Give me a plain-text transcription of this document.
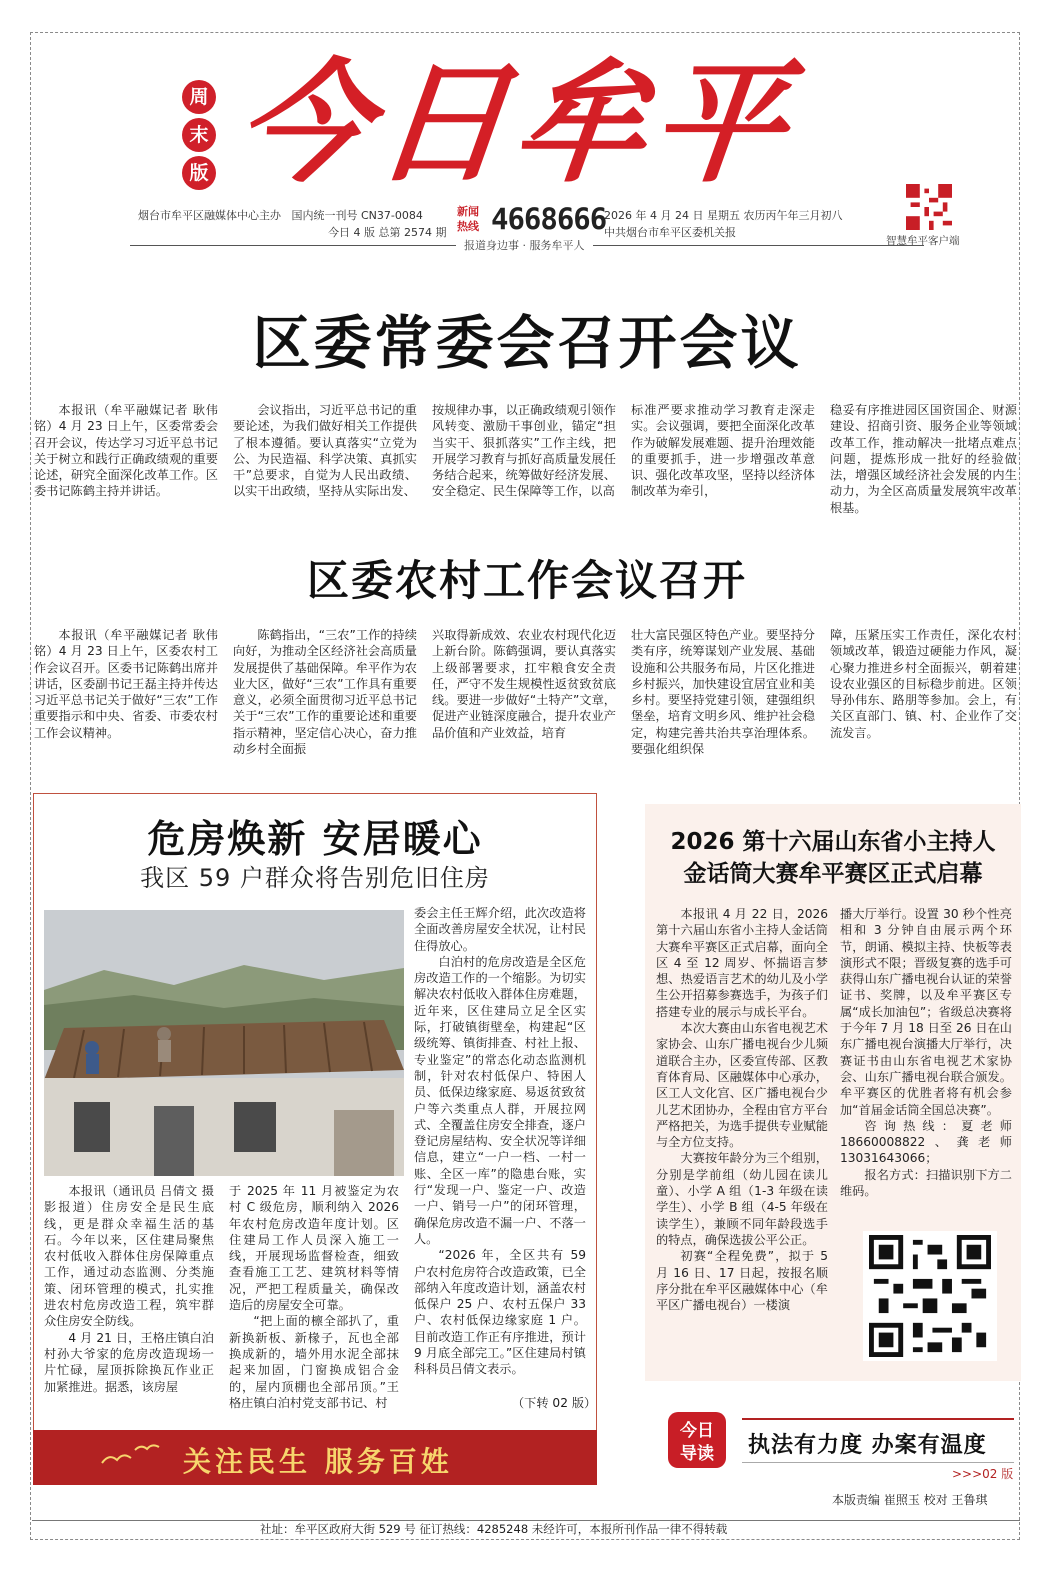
周
末
版 今日牟平
烟台市牟平区融媒体中心主办 国内统一刊号 CN37-0084
今日 4 版 总第 2574 期
新闻热线 4668666
2026 年 4 月 24 日 星期五 农历丙午年三月初八
中共烟台市牟平区委机关报
智慧牟平客户端
报道身边事 · 服务牟平人
区委常委会召开会议

本报讯（牟平融媒记者 耿伟铭）4 月 23 日上午，区委常委会召开会议，传达学习习近平总书记关于树立和践行正确政绩观的重要论述，研究全面深化改革工作。区委书记陈鹤主持并讲话。

会议指出，习近平总书记的重要论述，为我们做好相关工作提供了根本遵循。要认真落实“立党为公、为民造福、科学决策、真抓实干”总要求，自觉为人民出政绩、以实干出政绩，坚持从实际出发、

按规律办事，以正确政绩观引领作风转变、激励干事创业，锚定“担当实干、狠抓落实”工作主线，把开展学习教育与抓好高质量发展任务结合起来，统筹做好经济发展、安全稳定、民生保障等工作，以高

标准严要求推动学习教育走深走实。会议强调，要把全面深化改革作为破解发展难题、提升治理效能的重要抓手，进一步增强改革意识、强化改革攻坚，坚持以经济体制改革为牵引，

稳妥有序推进园区国资国企、财源建设、招商引资、服务企业等领域改革工作，推动解决一批堵点难点问题，提炼形成一批好的经验做法，增强区域经济社会发展的内生动力，为全区高质量发展筑牢改革根基。

区委农村工作会议召开

本报讯（牟平融媒记者 耿伟铭）4 月 23 日上午，区委农村工作会议召开。区委书记陈鹤出席并讲话，区委副书记王磊主持并传达习近平总书记关于做好“三农”工作重要指示和中央、省委、市委农村工作会议精神。

陈鹤指出，“三农”工作的持续向好，为推动全区经济社会高质量发展提供了基础保障。牟平作为农业大区，做好“三农”工作具有重要意义，必须全面贯彻习近平总书记关于“三农”工作的重要论述和重要指示精神，坚定信心决心，奋力推动乡村全面振

兴取得新成效、农业农村现代化迈上新台阶。陈鹤强调，要认真落实上级部署要求，扛牢粮食安全责任，严守不发生规模性返贫致贫底线。要进一步做好“土特产”文章，促进产业链深度融合，提升农业产品价值和产业效益，培育

壮大富民强区特色产业。要坚持分类有序，统筹谋划产业发展、基础设施和公共服务布局，片区化推进乡村振兴，加快建设宜居宜业和美乡村。要坚持党建引领，建强组织堡垒，培育文明乡风、维护社会稳定，构建完善共治共享治理体系。要强化组织保

障，压紧压实工作责任，深化农村领域改革，锻造过硬能力作风，凝心聚力推进乡村全面振兴，朝着建设农业强区的目标稳步前进。区领导孙伟东、路朋等参加。会上，有关区直部门、镇、村、企业作了交流发言。

危房焕新 安居暖心
我区 59 户群众将告别危旧住房

本报讯（通讯员 吕倩文 摄影报道）住房安全是民生底线，更是群众幸福生活的基石。今年以来，区住建局聚焦农村低收入群体住房保障重点工作，通过动态监测、分类施策、闭环管理的模式，扎实推进农村危房改造工程，筑牢群众住房安全防线。

4 月 21 日，王格庄镇白泊村孙大爷家的危房改造现场一片忙碌，屋顶拆除换瓦作业正加紧推进。据悉，该房屋

于 2025 年 11 月被鉴定为农村 C 级危房，顺利纳入 2026 年农村危房改造年度计划。区住建局工作人员深入施工一线，开展现场监督检查，细致查看施工工艺、建筑材料等情况，严把工程质量关，确保改造后的房屋安全可靠。

“把上面的檩全部扒了，重新换新板、新椽子，瓦也全部换成新的，墙外用水泥全部抹起来加固，门窗换成铝合金的，屋内顶棚也全部吊顶。”王格庄镇白泊村党支部书记、村

委会主任王辉介绍，此次改造将全面改善房屋安全状况，让村民住得放心。

白泊村的危房改造是全区危房改造工作的一个缩影。为切实解决农村低收入群体住房难题，近年来，区住建局立足全区实际，打破镇街壁垒，构建起“区级统筹、镇街排查、村社上报、专业鉴定”的常态化动态监测机制，针对农村低保户、特困人员、低保边缘家庭、易返贫致贫户等六类重点人群，开展拉网式、全覆盖住房安全排查，逐户登记房屋结构、安全状况等详细信息，建立“一户一档、一村一账、全区一库”的隐患台账，实行“发现一户、鉴定一户、改造一户、销号一户”的闭环管理，确保危房改造不漏一户、不落一人。

“2026 年，全区共有 59 户农村危房符合改造政策，已全部纳入年度改造计划，涵盖农村低保户 25 户、农村五保户 33 户、农村低保边缘家庭 1 户。目前改造工作正有序推进，预计 9 月底全部完工。”区住建局村镇科科员吕倩文表示。

（下转 02 版）
关注民生 服务百姓
2026 第十六届山东省小主持人
金话筒大赛牟平赛区正式启幕

本报讯 4 月 22 日，2026 第十六届山东省小主持人金话筒大赛牟平赛区正式启幕，面向全区 4 至 12 周岁、怀揣语言梦想、热爱语言艺术的幼儿及小学生公开招募参赛选手，为孩子们搭建专业的展示与成长平台。

本次大赛由山东省电视艺术家协会、山东广播电视台少儿频道联合主办，区委宣传部、区教育体育局、区融媒体中心承办，区工人文化宫、区广播电视台少儿艺术团协办，全程由官方平台严格把关，为选手提供专业赋能与全方位支持。

大赛按年龄分为三个组别，分别是学前组（幼儿园在读儿童）、小学 A 组（1-3 年级在读学生）、小学 B 组（4-5 年级在读学生），兼顾不同年龄段选手的特点，确保选拔公平公正。

初赛“全程免费”，拟于 5 月 16 日、17 日起，按报名顺序分批在牟平区融媒体中心（牟平区广播电视台）一楼演

播大厅举行。设置 30 秒个性亮相和 3 分钟自由展示两个环节，朗诵、模拟主持、快板等表演形式不限；晋级复赛的选手可获得山东广播电视台认证的荣誉证书、奖牌，以及牟平赛区专属“成长加油包”；省级总决赛将于今年 7 月 18 日至 26 日在山东广播电视台演播大厅举行，决赛证书由山东省电视艺术家协会、山东广播电视台联合颁发。牟平赛区的优胜者将有机会参加“首届金话筒全国总决赛”。

咨询热线：夏老师 18660008822、龚老师 13031643066；

报名方式：扫描识别下方二维码。

今日
导读 执法有力度 办案有温度
>>>02 版
本版责编 崔照玉 校对 王鲁琪
社址：牟平区政府大街 529 号 征订热线：4285248 未经许可，本报所刊作品一律不得转载
